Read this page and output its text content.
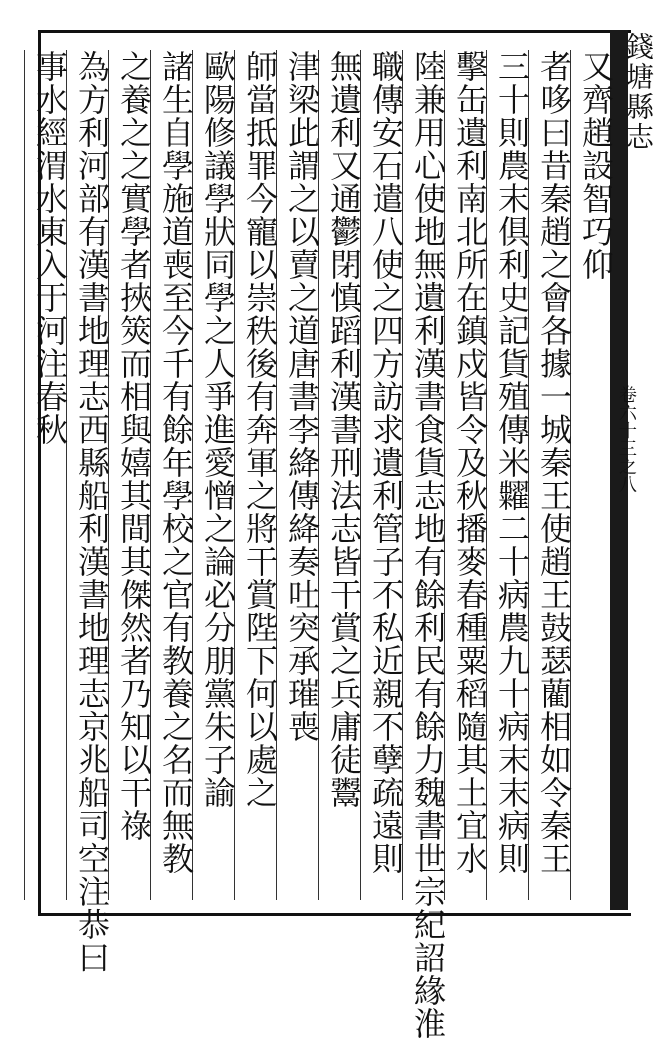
錢塘縣志
卷六十三之八
又齊趙設智巧仰
者哆曰昔秦趙之會各據一城秦王使趙王鼓瑟藺相如令秦王
三十則農末俱利史記貨殖傳米糶二十病農九十病末末病則
擊缶遺利南北所在鎮戍皆令及秋播麥春種粟稻隨其土宜水
陸兼用心使地無遺利漢書食貨志地有餘利民有餘力魏書世宗紀詔緣淮
職傳安石遣八使之四方訪求遺利管子不私近親不孽疏遠則
無遺利又通鬱閉慎蹈利漢書刑法志皆干賞之兵庸徒鬻
津梁此謂之以賣之道唐書李絳傳絳奏吐突承璀喪
師當抵罪今寵以崇秩後有奔軍之將干賞陛下何以處之
歐陽修議學狀同學之人爭進愛憎之論必分朋黨朱子諭
諸生自學施道喪至今千有餘年學校之官有教養之名而無教
之養之之實學者挾筴而相與嬉其間其傑然者乃知以干祿
為方利河部有漢書地理志西縣船利漢書地理志京兆船司空注恭曰
事水經渭水東入于河注春秋
